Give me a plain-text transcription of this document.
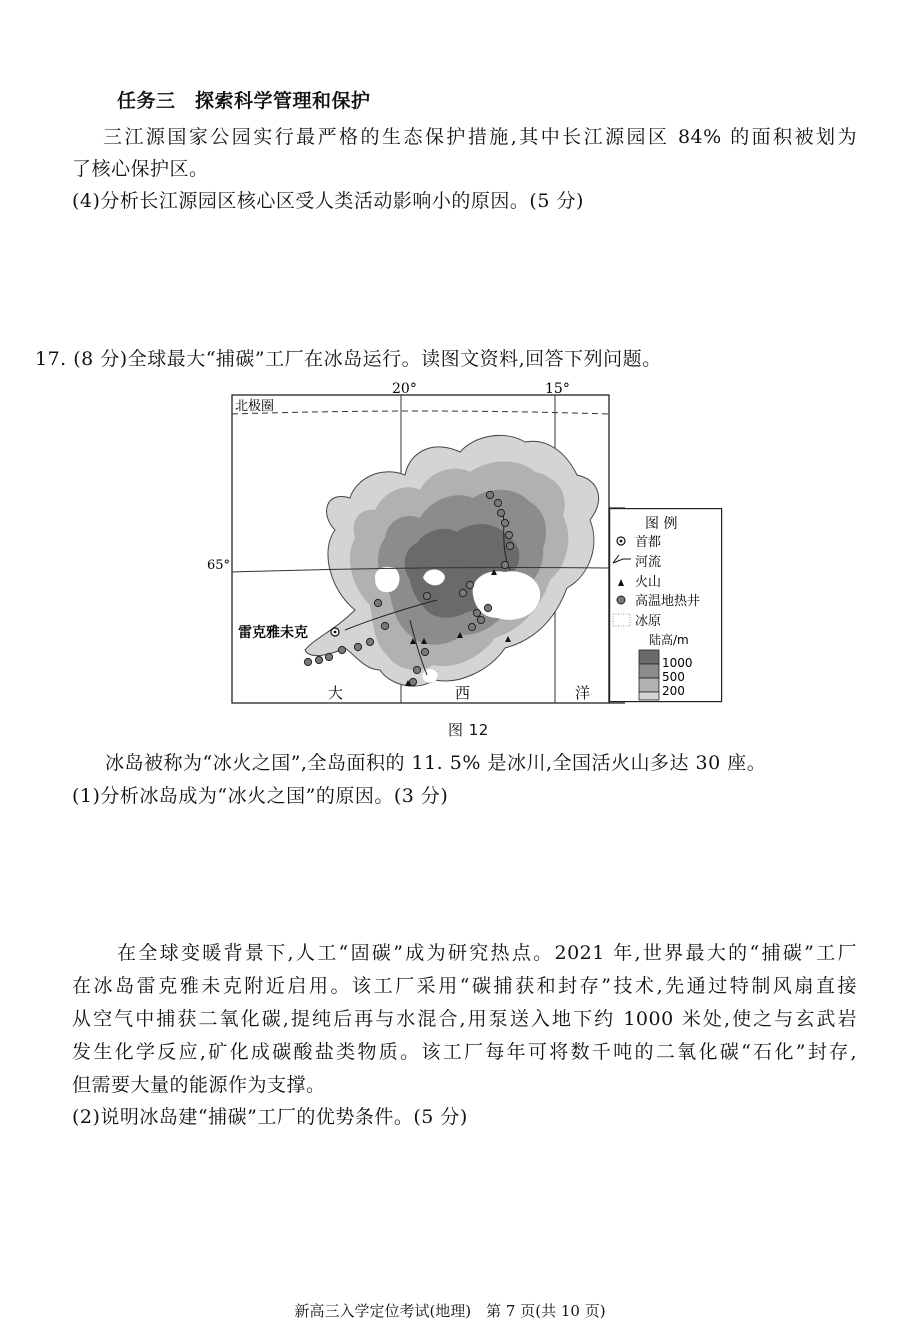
任务三　探索科学管理和保护
三江源国家公园实行最严格的生态保护措施,其中长江源园区 84% 的面积被划为
了核心保护区。
(4)分析长江源园区核心区受人类活动影响小的原因。(5 分)
17. (8 分)全球最大“捕碳”工厂在冰岛运行。读图文资料,回答下列问题。
20°	15°
65°
北极圈
雷克雅未克
大	西	洋
图 例
首都
河流
火山
高温地热井
冰原
陆高/m
1000
500
200
图 12
冰岛被称为“冰火之国”,全岛面积的 11. 5% 是冰川,全国活火山多达 30 座。
(1)分析冰岛成为“冰火之国”的原因。(3 分)
在全球变暖背景下,人工“固碳”成为研究热点。2021 年,世界最大的“捕碳”工厂
在冰岛雷克雅未克附近启用。该工厂采用“碳捕获和封存”技术,先通过特制风扇直接
从空气中捕获二氧化碳,提纯后再与水混合,用泵送入地下约 1000 米处,使之与玄武岩
发生化学反应,矿化成碳酸盐类物质。该工厂每年可将数千吨的二氧化碳“石化”封存,
但需要大量的能源作为支撑。
(2)说明冰岛建“捕碳”工厂的优势条件。(5 分)
新高三入学定位考试(地理)　第 7 页(共 10 页)
